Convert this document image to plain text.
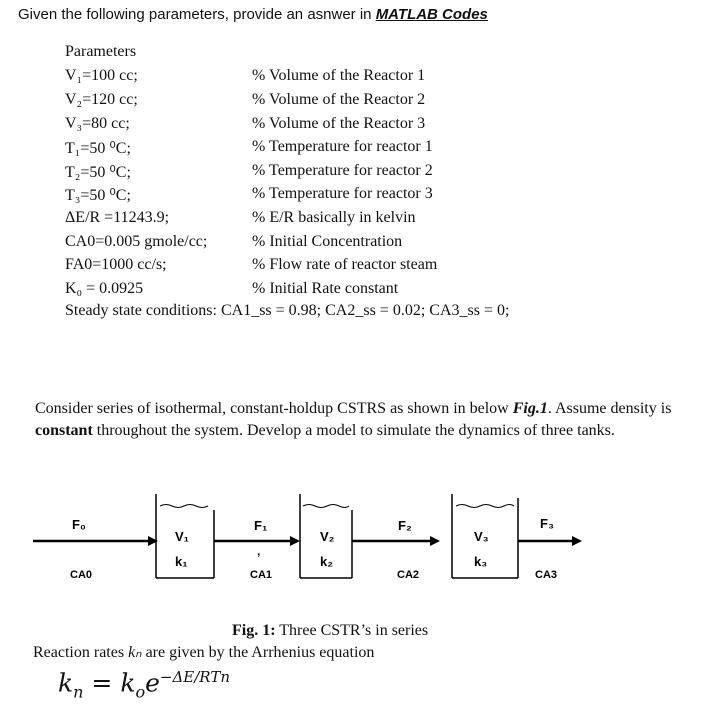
Given the following parameters, provide an asnwer in MATLAB Codes
Parameters
V₁=100 cc;	% Volume of the Reactor 1
V₂=120 cc;	% Volume of the Reactor 2
V₃=80 cc;	% Volume of the Reactor 3
T₁=50 ⁰C;	% Temperature for reactor 1
T₂=50 ⁰C;	% Temperature for reactor 2
T₃=50 ⁰C;	% Temperature for reactor 3
ΔE/R =11243.9;	% E/R basically in kelvin
CA0=0.005 gmole/cc;	% Initial Concentration
FA0=1000 cc/s;	% Flow rate of reactor steam
K₀ = 0.0925	% Initial Rate constant
Steady state conditions: CA1_ss = 0.98; CA2_ss = 0.02; CA3_ss = 0;
Consider series of isothermal, constant-holdup CSTRS as shown in below Fig.1. Assume density is constant throughout the system. Develop a model to simulate the dynamics of three tanks.
F₀
CA0
V₁
k₁
F₁
,
CA1
V₂
k₂
F₂
CA2
V₃
k₃
F₃
CA3
Fig. 1: Three CSTR’s in series
Reaction rates kₙ are given by the Arrhenius equation
$k_n = k_oe^{-\Delta E/RTn}$
